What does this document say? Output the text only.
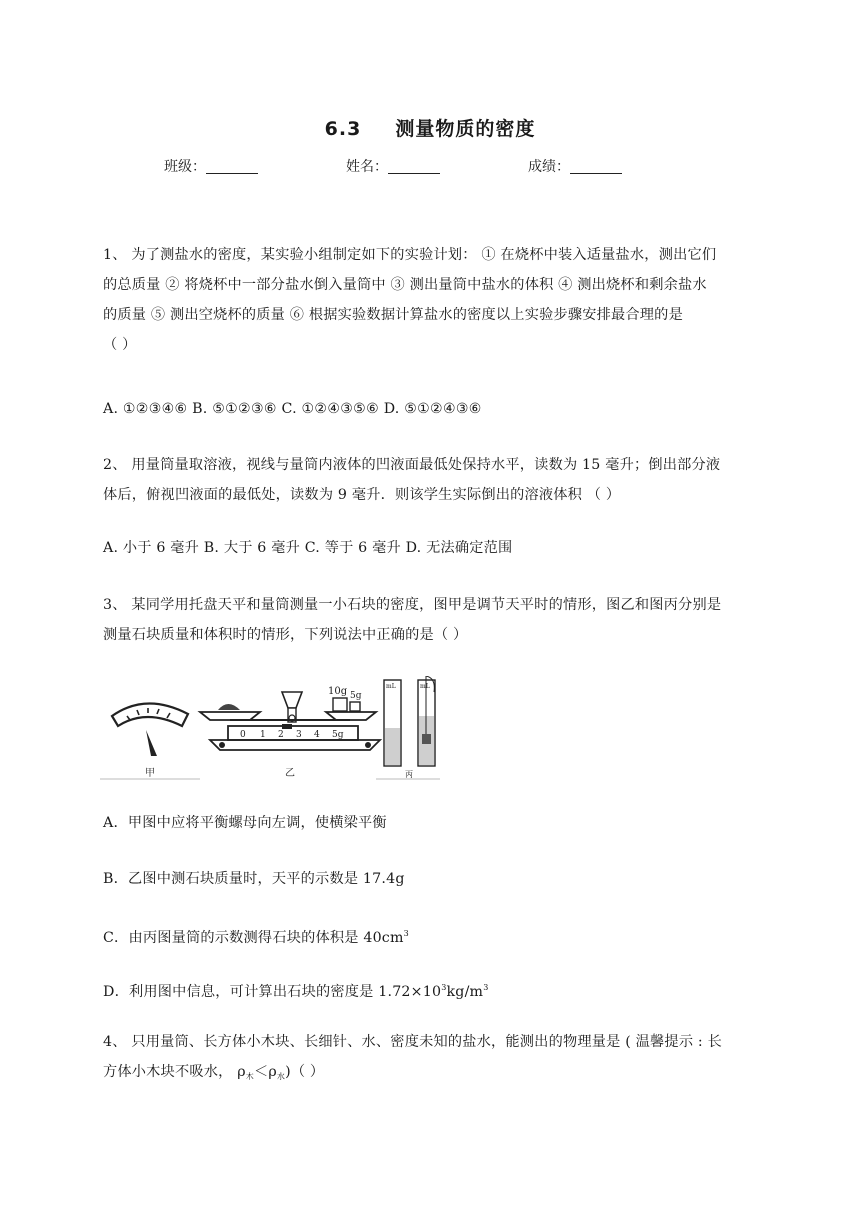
6.3 测量物质的密度
班级：	姓名：	成绩：
1、 为了测盐水的密度，某实验小组制定如下的实验计划： ① 在烧杯中装入适量盐水，测出它们
的总质量 ② 将烧杯中一部分盐水倒入量筒中 ③ 测出量筒中盐水的体积 ④ 测出烧杯和剩余盐水
的质量 ⑤ 测出空烧杯的质量 ⑥ 根据实验数据计算盐水的密度以上实验步骤安排最合理的是
（ ）
A. ①②③④⑥ B. ⑤①②③⑥ C. ①②④③⑤⑥ D. ⑤①②④③⑥
2、 用量筒量取溶液，视线与量筒内液体的凹液面最低处保持水平，读数为 15 毫升；倒出部分液
体后，俯视凹液面的最低处，读数为 9 毫升．则该学生实际倒出的溶液体积 （ ）
A. 小于 6 毫升 B. 大于 6 毫升 C. 等于 6 毫升 D. 无法确定范围
3、 某同学用托盘天平和量筒测量一小石块的密度，图甲是调节天平时的情形，图乙和图丙分别是
测量石块质量和体积时的情形，下列说法中正确的是（ ）
甲
10g 5g
0 1 2 3 4 5g
乙
mL	mL
丙
A．甲图中应将平衡螺母向左调，使横梁平衡
B．乙图中测石块质量时，天平的示数是 17.4g
C．由丙图量筒的示数测得石块的体积是 $40cm^3$
D．利用图中信息，可计算出石块的密度是 $1.72\times 10^3kg/m^3$
4、 只用量筒、长方体小木块、长细针、水、密度未知的盐水，能测出的物理量是 ( 温馨提示 : 长
方体小木块不吸水， $\rho_木<\rho_水$)（ ）
